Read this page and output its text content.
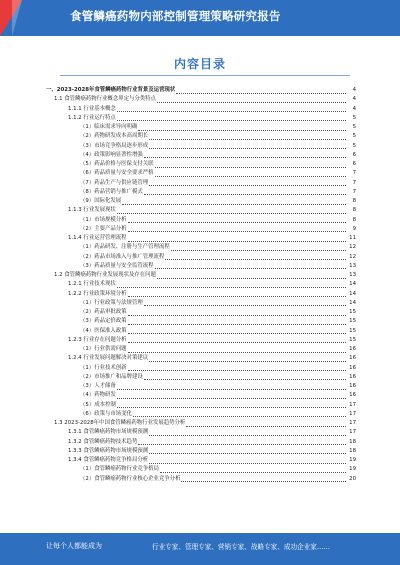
食管鳞癌药物内部控制管理策略研究报告
内容目录
一、2023-2028年食管鳞癌药物行业背景及运营现状	4
1.1 食管鳞癌药物行业概念界定与分类特点	4
1.1.1 行业基本概念	4
1.1.2 行业运行特点	5
（1）临床需求导向明确	5
（2）药物研发成本高周期长	5
（3）市场竞争格局逐步形成	5
（4）政策影响显著性增强	6
（5）药品价格与医保支付关联	6
（6）药品质量与安全要求严格	7
（7）药品生产与供应链管理	7
（8）药品营销与推广模式	7
（9）国际化发展	8
1.1.3 行业发展现状	8
（1）市场规模分析	8
（2）主要产品分析	9
1.1.4 行业运营管理流程	11
（1）药品研发、注册与生产管理流程	12
（2）药品市场准入与推广管理流程	12
（3）药品质量与安全监管流程	13
1.2 食管鳞癌药物行业发展现状及存在问题	13
1.2.1 行业技术现状	14
1.2.2 行业政策环境分析	14
（1）行业政策与法规管理	14
（2）药品审批政策	15
（3）药品定价政策	15
（4）医保准入政策	15
1.2.3 行业存在问题分析	15
（1）行业供需问题	16
1.2.4 行业发展问题解决对策建议	16
（1）行业技术创新	16
（2）市场推广和品牌建设	16
（3）人才储备	16
（4）药物研发	16
（5）成本控制	17
（6）政策与市场变化	17
1.3 2023-2028年中国食管鳞癌药物行业发展趋势分析	17
1.3.1 食管鳞癌药物市场规模预测	17
1.3.2 食管鳞癌药物技术趋势	18
1.3.3 食管鳞癌药物市场规模预测	18
1.3.4 食管鳞癌药物竞争格局分析	19
（1）食管鳞癌药物行业竞争格局	19
（2）食管鳞癌药物行业核心企业竞争分析	20
让每个人都能成为	行业专家、管理专家、营销专家、战略专家、成功企业家……
